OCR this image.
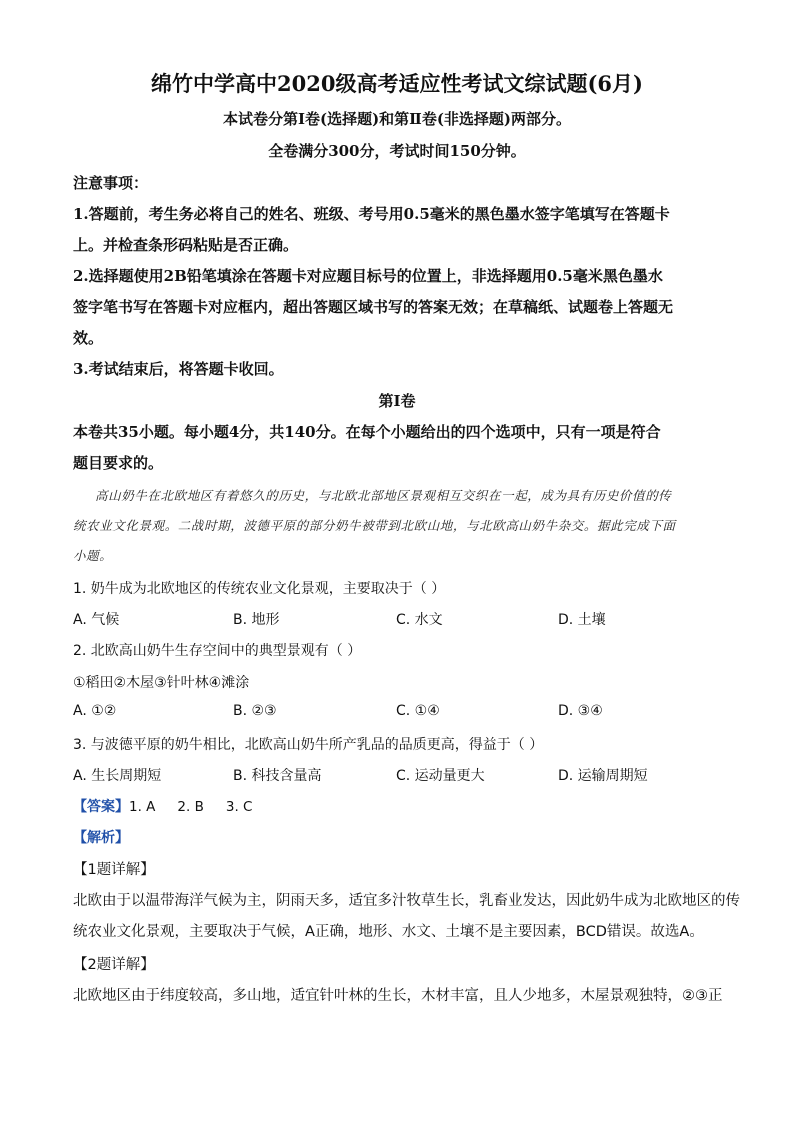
绵竹中学高中2020级高考适应性考试文综试题(6月)
本试卷分第Ⅰ卷(选择题)和第Ⅱ卷(非选择题)两部分。
全卷满分300分，考试时间150分钟。
注意事项：
1.答题前，考生务必将自己的姓名、班级、考号用0.5毫米的黑色墨水签字笔填写在答题卡
上。并检查条形码粘贴是否正确。
2.选择题使用2B铅笔填涂在答题卡对应题目标号的位置上，非选择题用0.5毫米黑色墨水
签字笔书写在答题卡对应框内，超出答题区域书写的答案无效；在草稿纸、试题卷上答题无
效。
3.考试结束后，将答题卡收回。
第Ⅰ卷
本卷共35小题。每小题4分，共140分。在每个小题给出的四个选项中，只有一项是符合
题目要求的。
高山奶牛在北欧地区有着悠久的历史，与北欧北部地区景观相互交织在一起，成为具有历史价值的传
统农业文化景观。二战时期，波德平原的部分奶牛被带到北欧山地，与北欧高山奶牛杂交。据此完成下面
小题。
1. 奶牛成为北欧地区的传统农业文化景观，主要取决于（ ）
A. 气候	B. 地形	C. 水文	D. 土壤
2. 北欧高山奶牛生存空间中的典型景观有（ ）
①稻田②木屋③针叶林④滩涂
A. ①②	B. ②③	C. ①④	D. ③④
3. 与波德平原的奶牛相比，北欧高山奶牛所产乳品的品质更高，得益于（ ）
A. 生长周期短	B. 科技含量高	C. 运动量更大	D. 运输周期短
【答案】1. A 2. B 3. C
【解析】
【1题详解】
北欧由于以温带海洋气候为主，阴雨天多，适宜多汁牧草生长，乳畜业发达，因此奶牛成为北欧地区的传
统农业文化景观，主要取决于气候，A正确，地形、水文、土壤不是主要因素，BCD错误。故选A。
【2题详解】
北欧地区由于纬度较高，多山地，适宜针叶林的生长，木材丰富，且人少地多，木屋景观独特，②③正
